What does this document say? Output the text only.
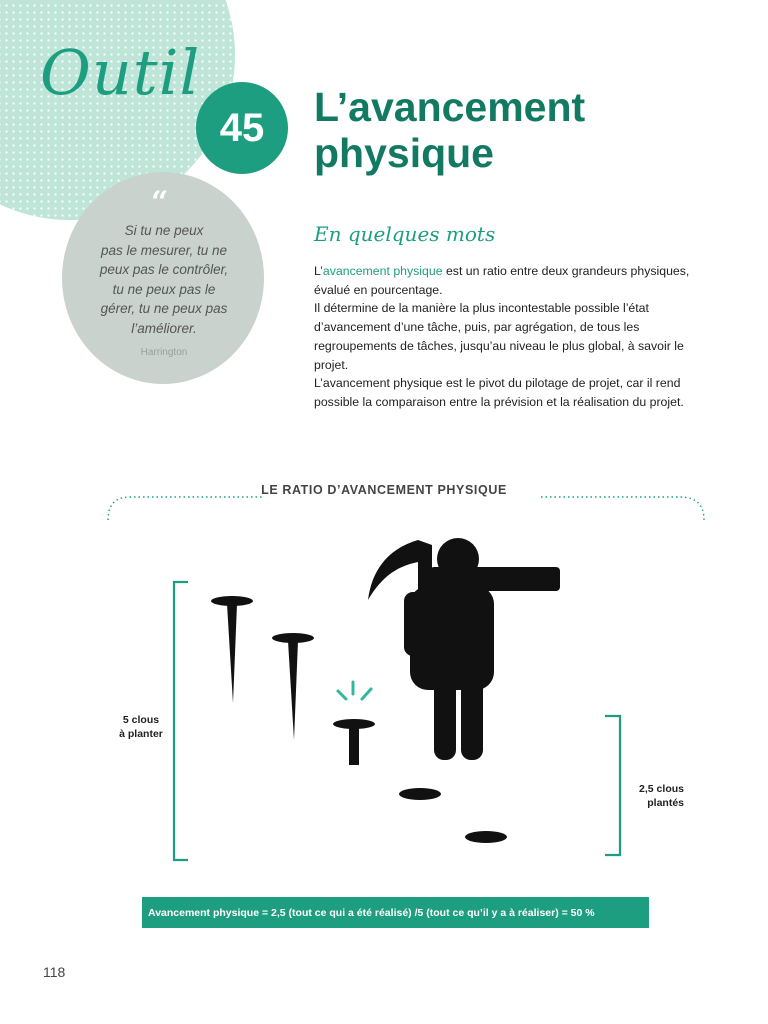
Outil
45	L’avancement
physique
“
Si tu ne peux
pas le mesurer, tu ne
peux pas le contrôler,
tu ne peux pas le
gérer, tu ne peux pas
l’améliorer.
Harrington
En quelques mots

L’avancement physique est un ratio entre deux grandeurs physiques, évalué en pourcentage.

Il détermine de la manière la plus incontestable possible l’état d’avancement d’une tâche, puis, par agrégation, de tous les regroupements de tâches, jusqu’au niveau le plus global, à savoir le projet.

L’avancement physique est le pivot du pilotage de projet, car il rend possible la comparaison entre la prévision et la réalisation du projet.

LE RATIO D’AVANCEMENT PHYSIQUE
5 clous
à planter
2,5 clous
plantés
Avancement physique = 2,5 (tout ce qui a été réalisé) /5 (tout ce qu’il y a à réaliser) = 50 %
118
